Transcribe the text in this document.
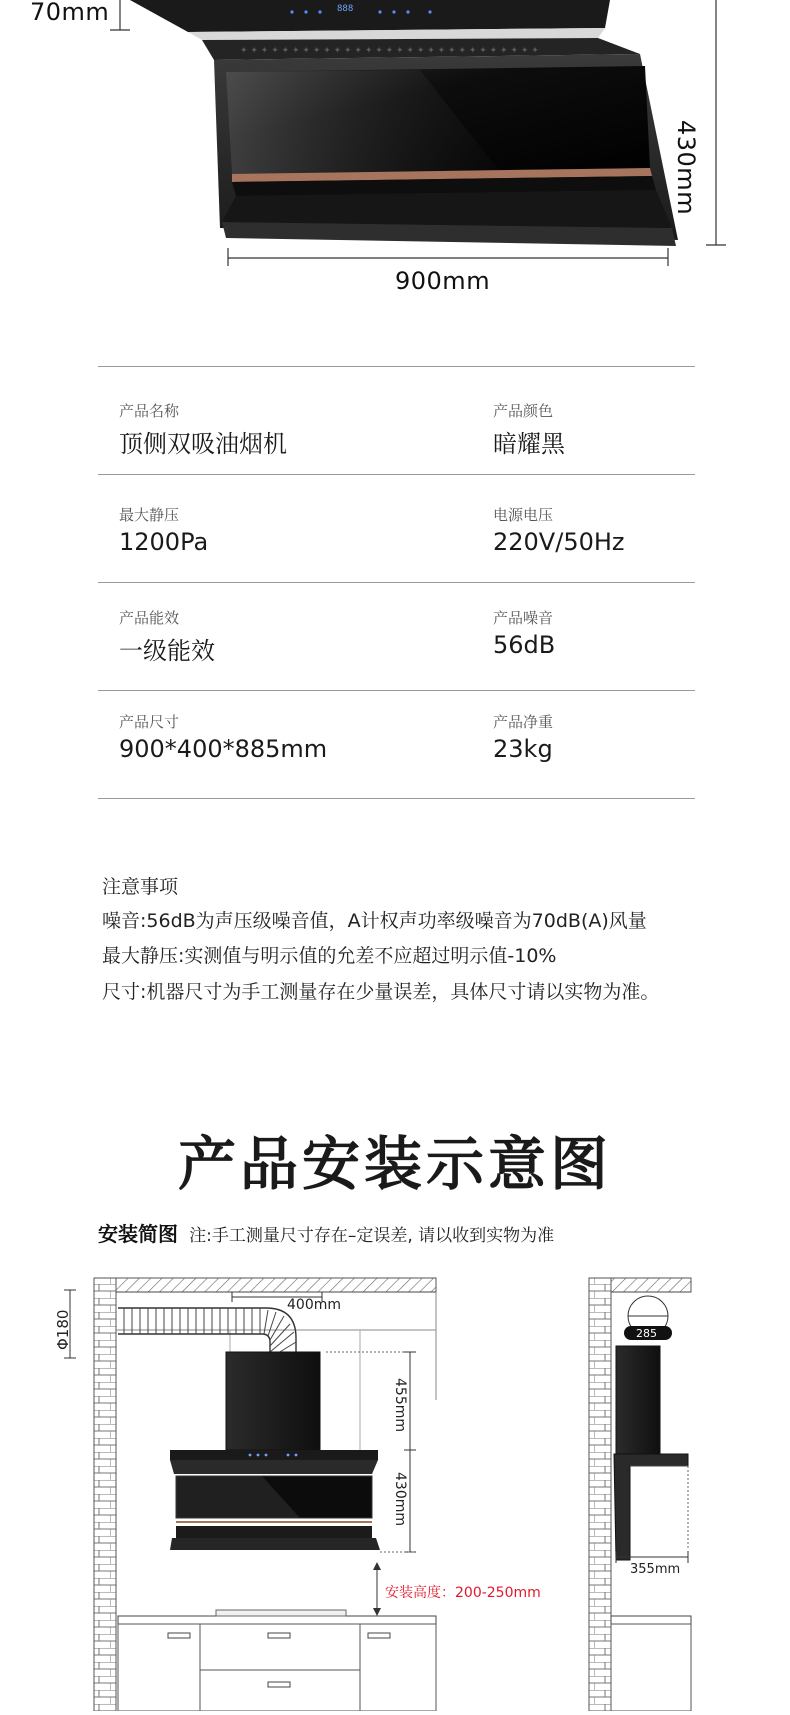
✦ ✦ ✦ ✦ ✦ ✦ ✦ ✦ ✦ ✦ ✦ ✦ ✦ ✦ ✦ ✦ ✦ ✦ ✦ ✦ ✦ ✦ ✦ ✦ ✦ ✦ ✦ ✦ ✦
888
70mm
430mm
900mm
产品名称
顶侧双吸油烟机
产品颜色
暗耀黑
最大静压
1200Pa
电源电压
220V/50Hz
产品能效
一级能效
产品噪音
56dB
产品尺寸
900*400*885mm
产品净重
23kg
注意事项
噪音:56dB为声压级噪音值，A计权声功率级噪音为70dB(A)风量
最大静压:实测值与明示值的允差不应超过明示值-10%
尺寸:机器尺寸为手工测量存在少量误差，具体尺寸请以实物为准。
产品安装示意图
安装简图 注:手工测量尺寸存在–定误差, 请以收到实物为准
Φ180
400mm
455mm
430mm
安装高度：200-250mm
285
355mm
